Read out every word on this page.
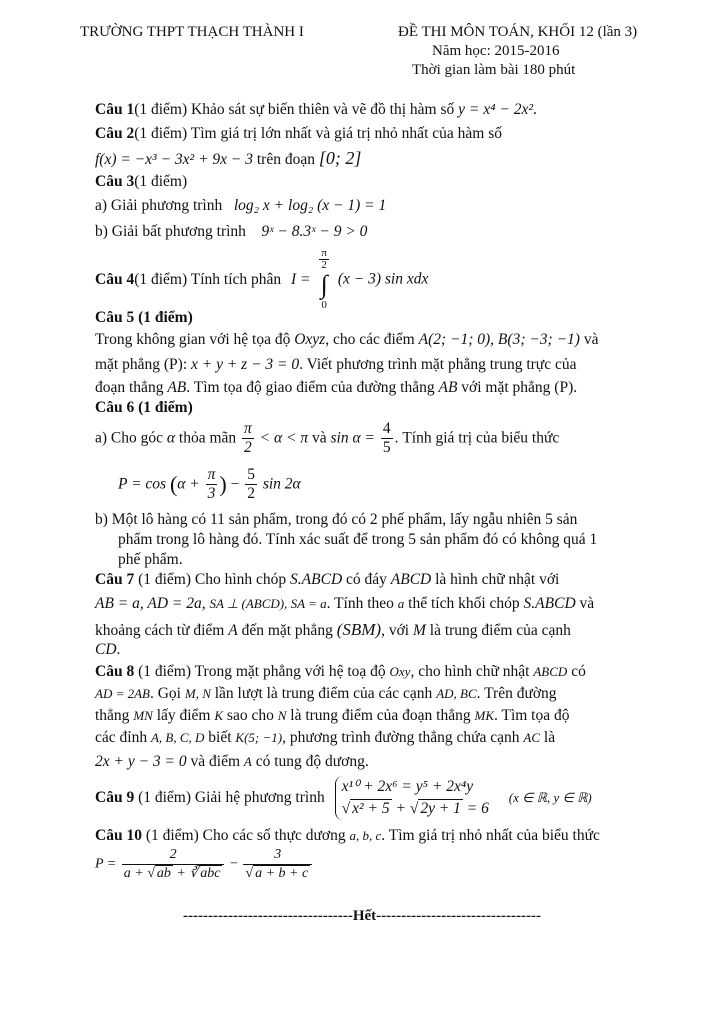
TRƯỜNG THPT THẠCH THÀNH I	ĐỀ THI MÔN TOÁN, KHỐI 12 (lần 3)
Năm học: 2015-2016
Thời gian làm bài 180 phút
Câu 1(1 điểm) Khảo sát sự biến thiên và vẽ đồ thị hàm số y = x⁴ − 2x².
Câu 2(1 điểm) Tìm giá trị lớn nhất và giá trị nhỏ nhất của hàm số
f(x) = −x³ − 3x² + 9x − 3 trên đoạn [0; 2]
Câu 3(1 điểm)
a) Giải phương trình log₂ x + log₂ (x − 1) = 1
b) Giải bất phương trình 9ˣ − 8.3ˣ − 9 > 0
Câu 4(1 điểm) Tính tích phân I =
$\frac{\pi}{2}$
∫
0 (x − 3) sin xdx
Câu 5 (1 điểm)
Trong không gian với hệ tọa độ Oxyz, cho các điểm A(2; −1; 0), B(3; −3; −1) và
mặt phẳng (P): x + y + z − 3 = 0. Viết phương trình mặt phẳng trung trực của
đoạn thẳng AB. Tìm tọa độ giao điểm của đường thẳng AB với mặt phẳng (P).
Câu 6 (1 điểm)
a) Cho góc α thỏa mãn $\frac{\pi}{2} < \alpha < \pi$ và $\sin \alpha = \frac{4}{5}$ . Tính giá trị của biểu thức
$P = \cos (\alpha + \frac{\pi}{3}$ ) − $\frac{5}{2}$ sin 2α
b) Một lô hàng có 11 sản phẩm, trong đó có 2 phế phẩm, lấy ngẫu nhiên 5 sản
phẩm trong lô hàng đó. Tính xác suất để trong 5 sản phẩm đó có không quá 1
phế phẩm.
Câu 7 (1 điểm) Cho hình chóp S.ABCD có đáy ABCD là hình chữ nhật với
AB = a, AD = 2a, SA ⊥ (ABCD), SA = a. Tính theo a thể tích khối chóp S.ABCD và
khoảng cách từ điểm A đến mặt phẳng (SBM), với M là trung điểm của cạnh
CD.
Câu 8 (1 điểm) Trong mặt phẳng với hệ toạ độ Oxy, cho hình chữ nhật ABCD có
AD = 2AB. Gọi M, N lần lượt là trung điểm của các cạnh AD, BC. Trên đường
thẳng MN lấy điểm K sao cho N là trung điểm của đoạn thẳng MK. Tìm tọa độ
các đỉnh A, B, C, D biết K(5; −1), phương trình đường thẳng chứa cạnh AC là
2x + y − 3 = 0 và điểm A có tung độ dương.
Câu 9 (1 điểm) Giải hệ phương trình
x¹⁰ + 2x⁶ = y⁵ + 2x⁴y
√ x² + 5 + √ 2y + 1 = 6
(x ∈ ℝ, y ∈ ℝ)
Câu 10 (1 điểm) Cho các số thực dương a, b, c. Tìm giá trị nhỏ nhất của biểu thức
$P = \frac{2}{\text{a + √ ab + ∛ abc}} - \frac{3}{√ a + b + c}$
----------------------------------Hết---------------------------------
